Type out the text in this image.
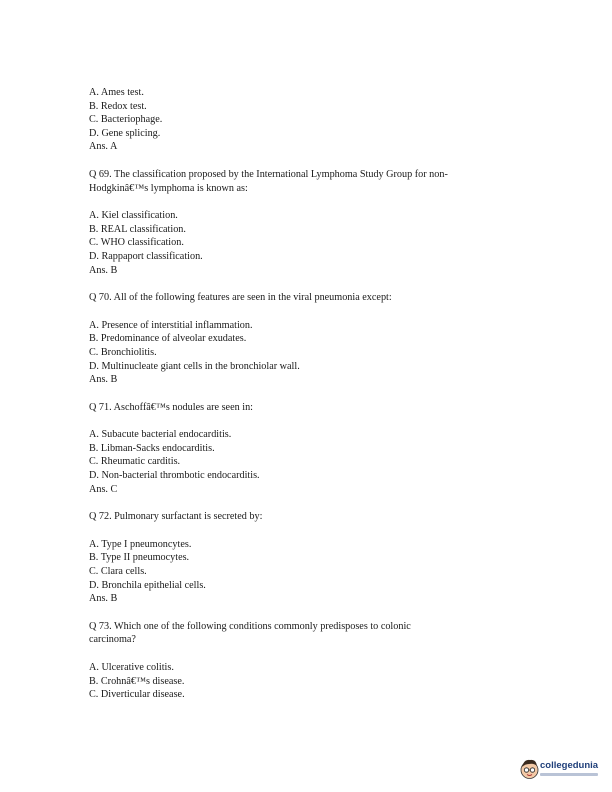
A. Ames test.
B. Redox test.
C. Bacteriophage.
D. Gene splicing.
Ans. A
Q 69. The classification proposed by the International Lymphoma Study Group for non-
Hodgkinâ€™s lymphoma is known as:
A. Kiel classification.
B. REAL classification.
C. WHO classification.
D. Rappaport classification.
Ans. B
Q 70. All of the following features are seen in the viral pneumonia except:
A. Presence of interstitial inflammation.
B. Predominance of alveolar exudates.
C. Bronchiolitis.
D. Multinucleate giant cells in the bronchiolar wall.
Ans. B
Q 71. Aschoffâ€™s nodules are seen in:
A. Subacute bacterial endocarditis.
B. Libman-Sacks endocarditis.
C. Rheumatic carditis.
D. Non-bacterial thrombotic endocarditis.
Ans. C
Q 72. Pulmonary surfactant is secreted by:
A. Type I pneumoncytes.
B. Type II pneumocytes.
C. Clara cells.
D. Bronchila epithelial cells.
Ans. B
Q 73. Which one of the following conditions commonly predisposes to colonic
carcinoma?
A. Ulcerative colitis.
B. Crohnâ€™s disease.
C. Diverticular disease.
collegedunia
